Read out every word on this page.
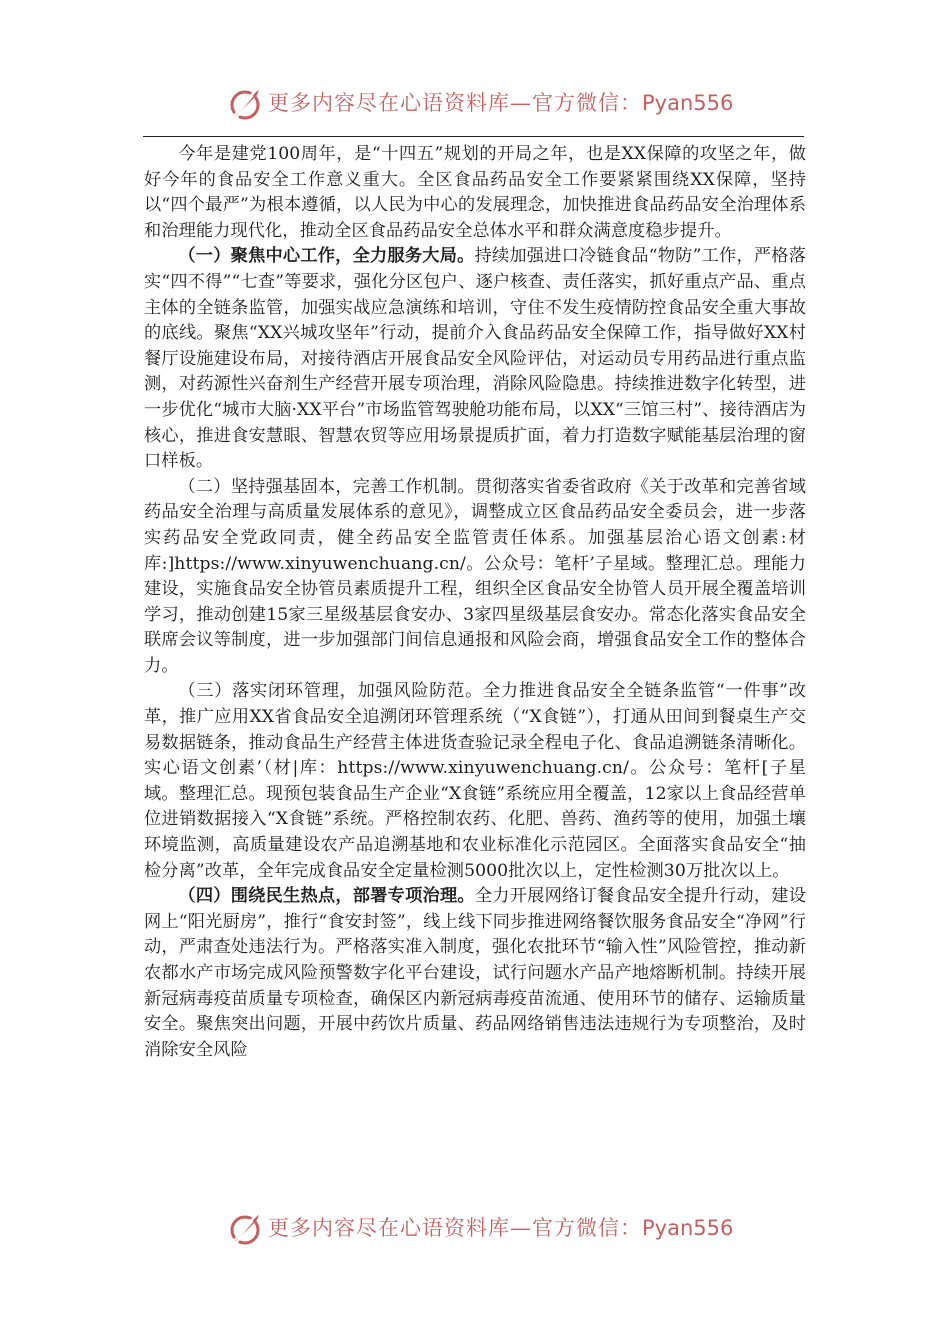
更多内容尽在心语资料库—官方微信：Pyan556

今年是建党100周年，是“十四五”规划的开局之年，也是XX保障的攻坚之年，做好今年的食品安全工作意义重大。全区食品药品安全工作要紧紧围绕XX保障，坚持以“四个最严”为根本遵循，以人民为中心的发展理念，加快推进食品药品安全治理体系和治理能力现代化，推动全区食品药品安全总体水平和群众满意度稳步提升。

（一）聚焦中心工作，全力服务大局。持续加强进口冷链食品“物防”工作，严格落实“四不得”“七查”等要求，强化分区包户、逐户核查、责任落实，抓好重点产品、重点主体的全链条监管，加强实战应急演练和培训，守住不发生疫情防控食品安全重大事故的底线。聚焦“XX兴城攻坚年”行动，提前介入食品药品安全保障工作，指导做好XX村餐厅设施建设布局，对接待酒店开展食品安全风险评估，对运动员专用药品进行重点监测，对药源性兴奋剂生产经营开展专项治理，消除风险隐患。持续推进数字化转型，进一步优化“城市大脑·XX平台”市场监管驾驶舱功能布局，以XX“三馆三村”、接待酒店为核心，推进食安慧眼、智慧农贸等应用场景提质扩面，着力打造数字赋能基层治理的窗口样板。

（二）坚持强基固本，完善工作机制。贯彻落实省委省政府《关于改革和完善省域药品安全治理与高质量发展体系的意见》，调整成立区食品药品安全委员会，进一步落实药品安全党政同责，健全药品安全监管责任体系。加强基层治心语文创素:材库:]https://www.xinyuwenchuang.cn/。公众号：笔杆’子星域。整理汇总。理能力建设，实施食品安全协管员素质提升工程，组织全区食品安全协管人员开展全覆盖培训学习，推动创建15家三星级基层食安办、3家四星级基层食安办。常态化落实食品安全联席会议等制度，进一步加强部门间信息通报和风险会商，增强食品安全工作的整体合力。

（三）落实闭环管理，加强风险防范。全力推进食品安全全链条监管“一件事”改革，推广应用XX省食品安全追溯闭环管理系统（“X食链”），打通从田间到餐桌生产交易数据链条，推动食品生产经营主体进货查验记录全程电子化、食品追溯链条清晰化。实心语文创素’（材|库：https://www.xinyuwenchuang.cn/。公众号：笔杆[子星域。整理汇总。现预包装食品生产企业“X食链”系统应用全覆盖，12家以上食品经营单位进销数据接入“X食链”系统。严格控制农药、化肥、兽药、渔药等的使用，加强土壤环境监测，高质量建设农产品追溯基地和农业标准化示范园区。全面落实食品安全“抽检分离”改革，全年完成食品安全定量检测5000批次以上，定性检测30万批次以上。

（四）围绕民生热点，部署专项治理。全力开展网络订餐食品安全提升行动，建设网上“阳光厨房”，推行“食安封签”，线上线下同步推进网络餐饮服务食品安全“净网”行动，严肃查处违法行为。严格落实准入制度，强化农批环节“输入性”风险管控，推动新农都水产市场完成风险预警数字化平台建设，试行问题水产品产地熔断机制。持续开展新冠病毒疫苗质量专项检查，确保区内新冠病毒疫苗流通、使用环节的储存、运输质量安全。聚焦突出问题，开展中药饮片质量、药品网络销售违法违规行为专项整治，及时消除安全风险

更多内容尽在心语资料库—官方微信：Pyan556
